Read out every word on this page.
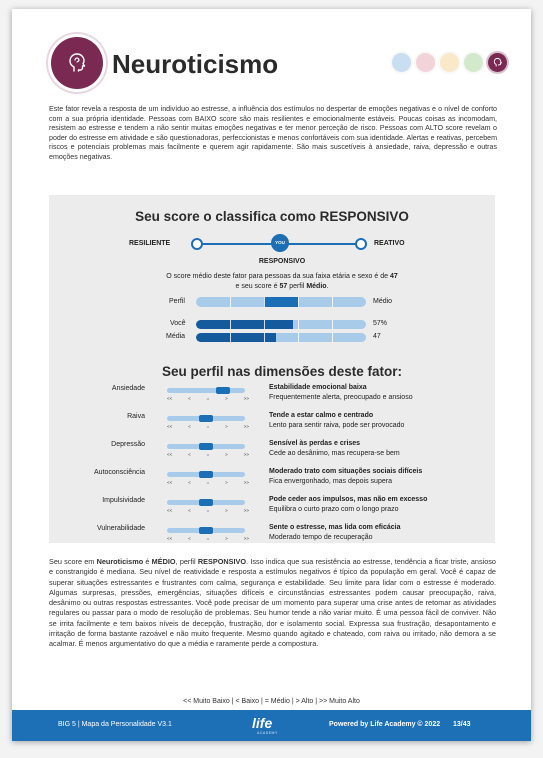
Neuroticismo
Este fator revela a resposta de um indivíduo ao estresse, a influência dos estímulos no despertar de emoções negativas e o nível de conforto com a sua própria identidade. Pessoas com BAIXO score são mais resilientes e emocionalmente estáveis. Poucas coisas as incomodam, resistem ao estresse e tendem a não sentir muitas emoções negativas e ter menor perceção de risco. Pessoas com ALTO score revelam o poder do estresse em atividade e são questionadoras, perfeccionistas e menos confortáveis com sua identidade. Alertas e reativas, percebem riscos e potenciais problemas mais facilmente e querem agir rapidamente. São mais suscetíveis à ansiedade, raiva, depressão e outras emoções negativas.
Seu score o classifica como RESPONSIVO
RESILIENTE	REATIVO
YOU
RESPONSIVO
O score médio deste fator para pessoas da sua faixa etária e sexo é de 47
e seu score é 57 perfil Médio.
Perfil	Médio
Você	57%
Média	47
Seu perfil nas dimensões deste fator:
Ansiedade
<<	<	=	>	>>
Estabilidade emocional baixa
Frequentemente alerta, preocupado e ansioso
Raiva
<<	<	=	>	>>
Tende a estar calmo e centrado
Lento para sentir raiva, pode ser provocado
Depressão
<<	<	=	>	>>
Sensível às perdas e crises
Cede ao desânimo, mas recupera-se bem
Autoconsciência
<<	<	=	>	>>
Moderado trato com situações sociais difíceis
Fica envergonhado, mas depois supera
Impulsividade
<<	<	=	>	>>
Pode ceder aos impulsos, mas não em excesso
Equilibra o curto prazo com o longo prazo
Vulnerabilidade
<<	<	=	>	>>
Sente o estresse, mas lida com eficácia
Moderado tempo de recuperação
Seu score em Neuroticismo é MÉDIO, perfil RESPONSIVO. Isso indica que sua resistência ao estresse, tendência a ficar triste, ansioso e constrangido é mediana. Seu nível de reatividade e resposta a estímulos negativos é típico da população em geral. Você é capaz de superar situações estressantes e frustrantes com calma, segurança e estabilidade. Seu limite para lidar com o estresse é moderado. Algumas surpresas, pressões, emergências, situações difíceis e circunstâncias estressantes podem causar preocupação, raiva, desânimo ou outras respostas estressantes. Você pode precisar de um momento para superar uma crise antes de retomar as atividades regulares ou passar para o modo de resolução de problemas. Seu humor tende a não variar muito. É uma pessoa fácil de conviver. Não se irrita facilmente e tem baixos níveis de decepção, frustração, dor e isolamento social. Expressa sua frustração, desapontamento e irritação de forma bastante razoável e não muito frequente. Mesmo quando agitado e chateado, com raiva ou irritado, não demora a se acalmar. É menos argumentativo do que a média e raramente perde a compostura.
<< Muito Baixo | < Baixo | = Médio | > Alto | >> Muito Alto
BIG 5 | Mapa da Personalidade V3.1	life
ACADEMY
Powered by Life Academy © 2022 13/43
